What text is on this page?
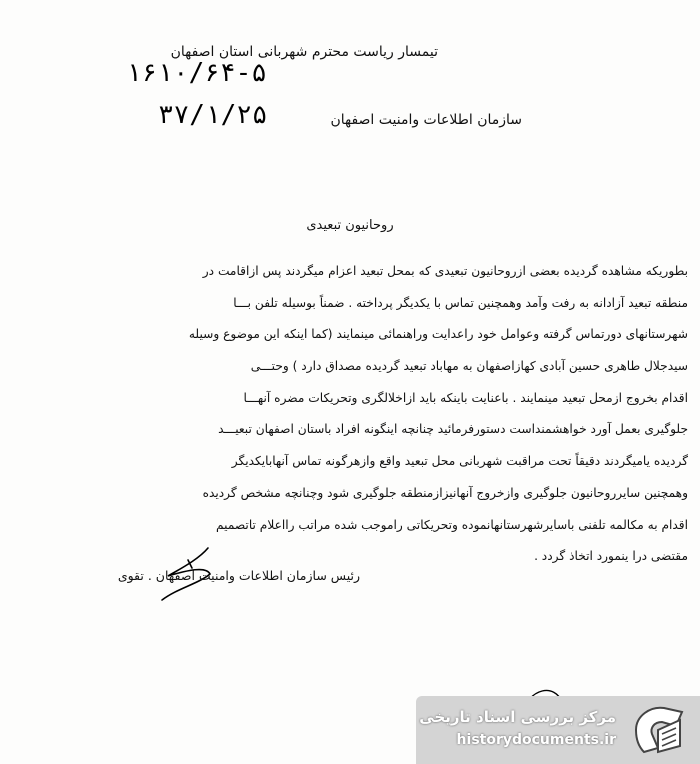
تیمسار ریاست محترم شهربانی استان اصفهان
سازمان اطلاعات وامنیت اصفهان
۱۶۱۰/۶۴-۵
۳۷/۱/۲۵
روحانیون تبعیدی
بطوریکه مشاهده گردیده بعضی ازروحانیون تبعیدی که بمحل تبعید اعزام میگردند پس ازاقامت در
منطقه تبعید آزادانه به رفت وآمد وهمچنین تماس با یکدیگر پرداخته . ضمناً بوسیله تلفن بـــا
شهرستانهای دورتماس گرفته وعوامل خود راعدایت وراهنمائی مینمایند (کما اینکه این موضوع وسیله
سیدجلال طاهری حسین آبادی کهازاصفهان به مهاباد تبعید گردیده مصداق دارد ) وحتـــی
اقدام بخروج ازمحل تبعید مینمایند . باعنایت باینکه باید ازاخلالگری وتحریکات مضره آنهـــا
جلوگیری بعمل آورد خواهشمنداست دستورفرمائید چنانچه اینگونه افراد باستان اصفهان تبعیـــد
گردیده یامیگردند دقیقاً تحت مراقبت شهربانی محل تبعید واقع وازهرگونه تماس آنهابایکدیگر
وهمچنین سایرروحانیون جلوگیری وازخروج آنهانیزازمنطقه جلوگیری شود وچنانچه مشخص گردیده
اقدام به مکالمه تلفنی باسایرشهرستانهانموده وتحریکاتی راموجب شده مراتب رااعلام تاتصمیم
مقتضی درا ینمورد اتخاذ گردد .
رئیس سازمان اطلاعات وامنیت اصفهان . تقوی
مرکز بررسی اسناد تاریخی
historydocuments.ir
